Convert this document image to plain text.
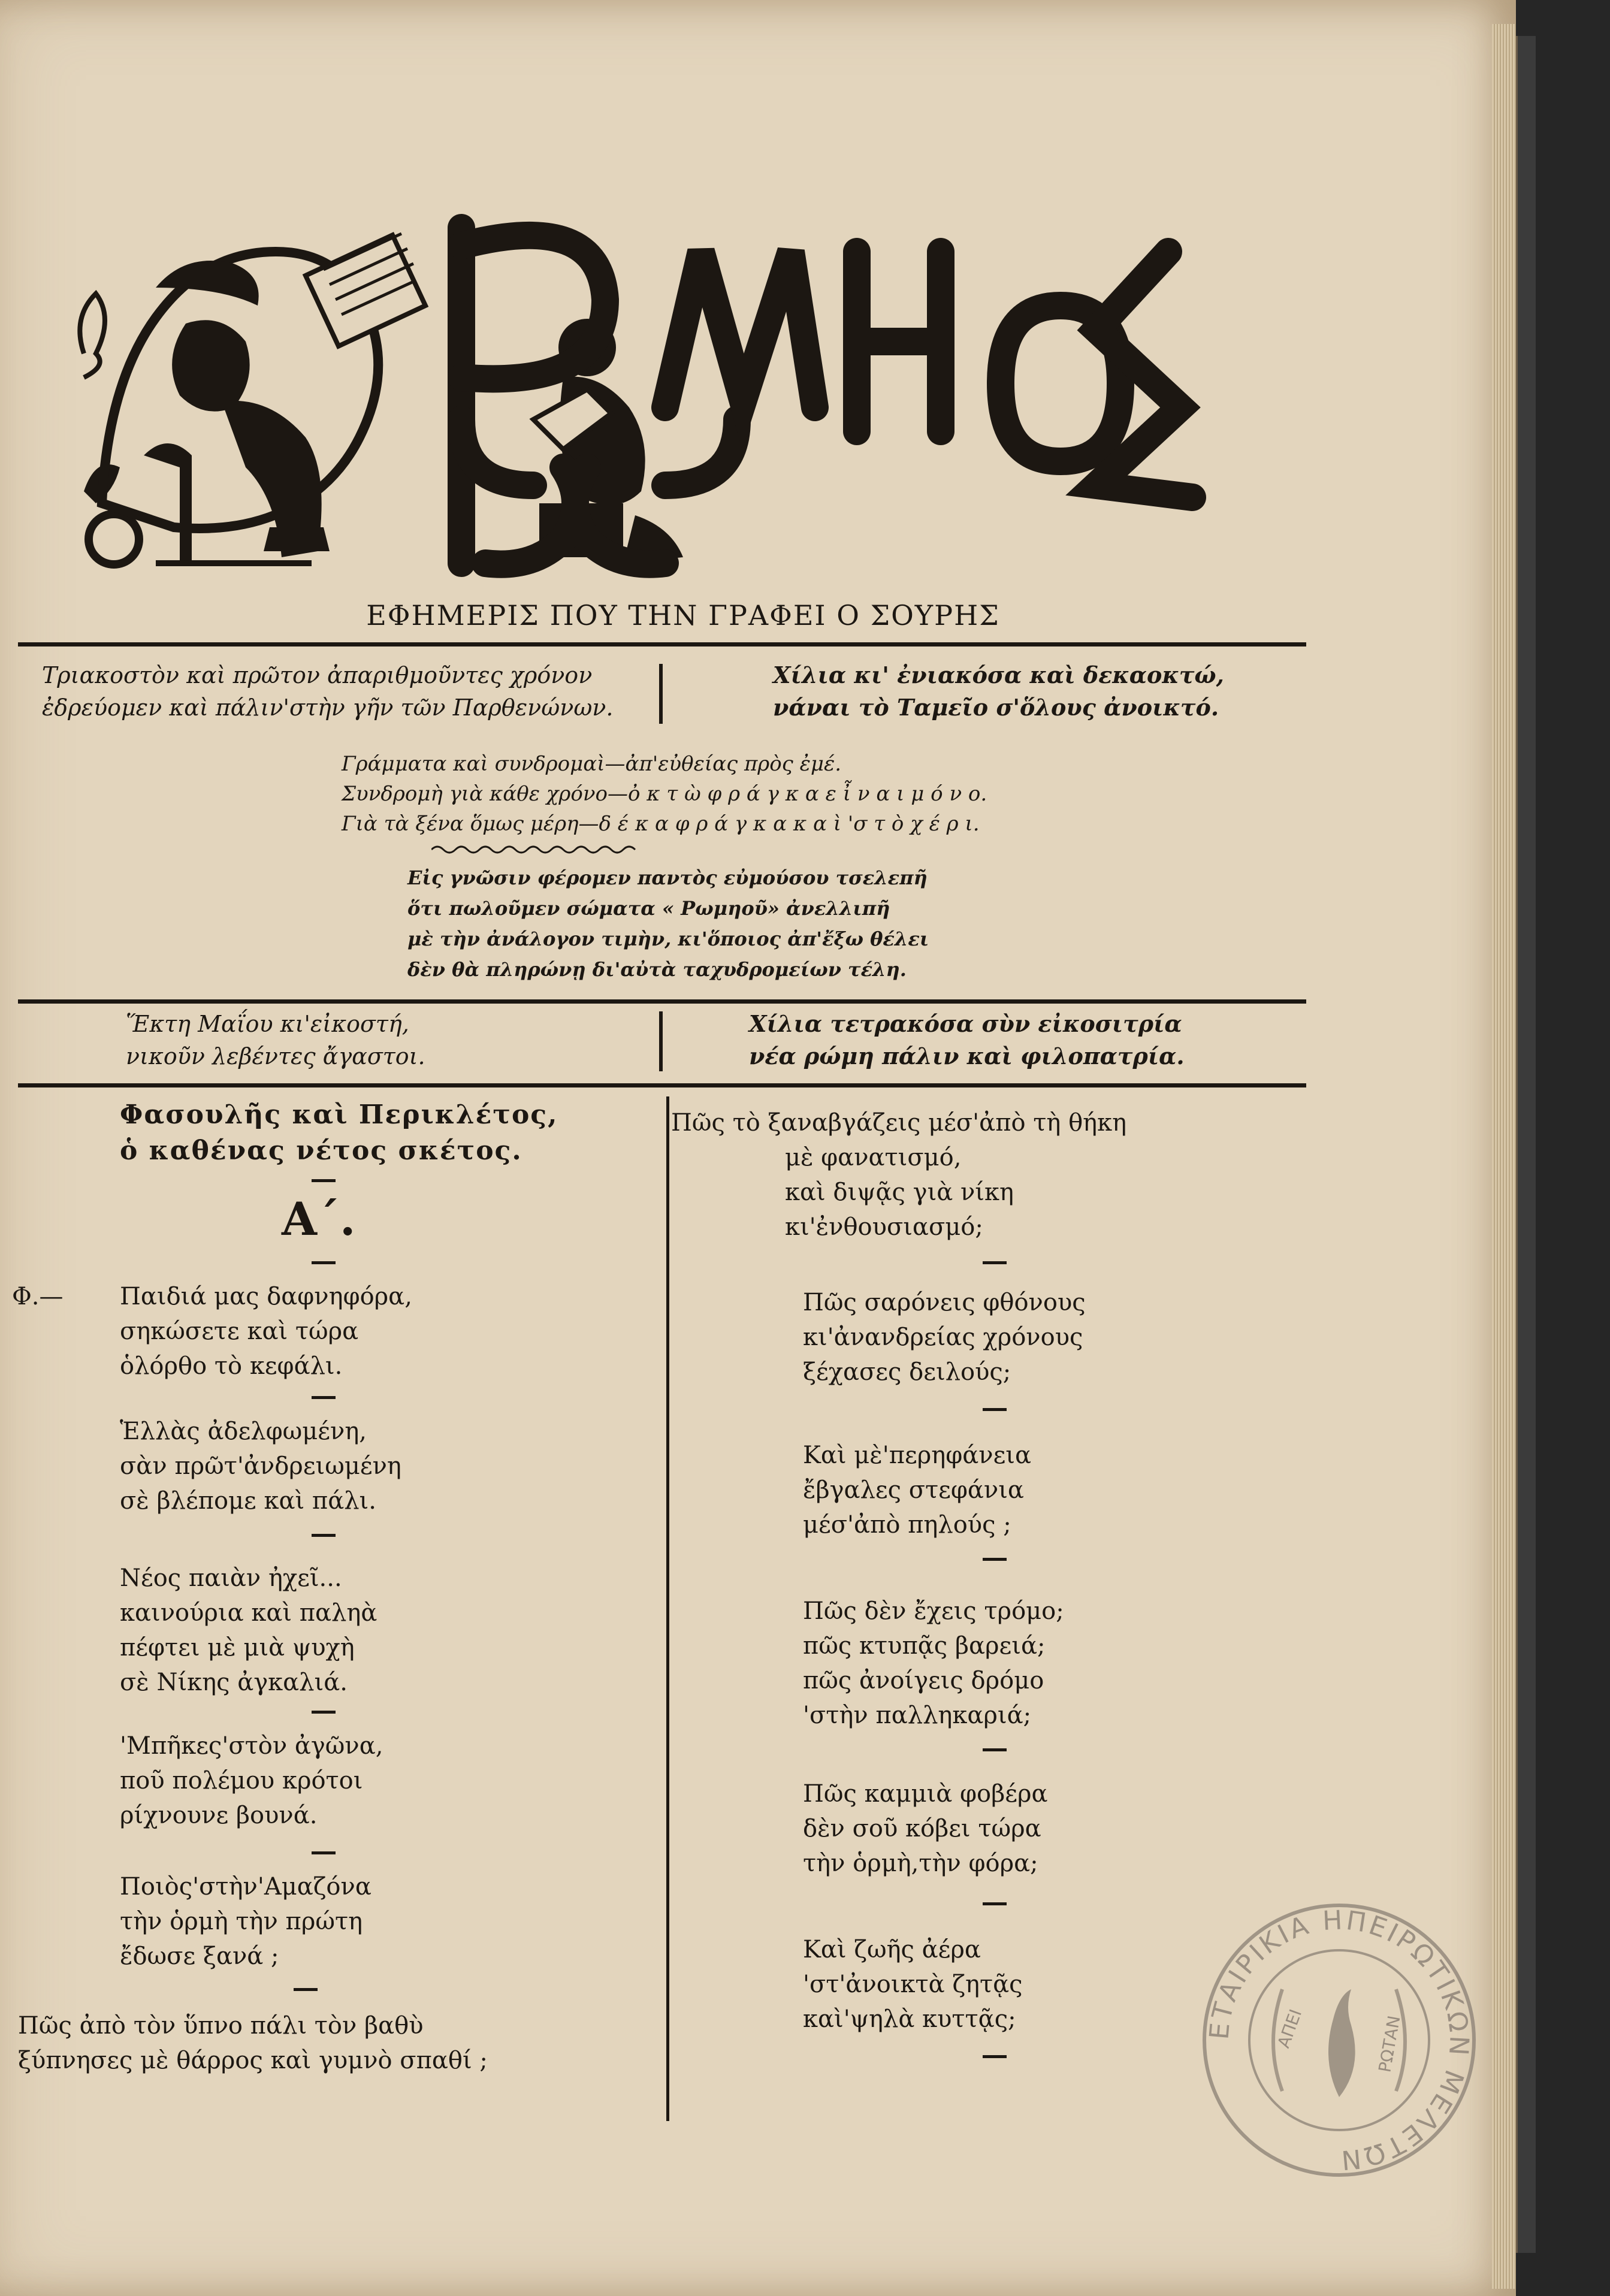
ΕΦΗΜΕΡΙΣ ΠΟΥ ΤΗΝ ΓΡΑΦΕΙ Ο ΣΟΥΡΗΣ
Τριακοστὸν καὶ πρῶτον ἀπαριθμοῦντες χρόνον
ἐδρεύομεν καὶ πάλιν'στὴν γῆν τῶν Παρθενώνων.
Χίλια κι' ἐνιακόσα καὶ δεκαοκτώ,
νάναι τὸ Ταμεῖο σ'ὅλους ἀνοικτό.
Γράμματα καὶ συνδρομαὶ—ἀπ'εὐθείας πρὸς ἐμέ.
Συνδρομὴ γιὰ κάθε χρόνο—ὀ κ τ ὼ φ ρ ά γ κ α ε ἶ ν α ι μ ό ν ο.
Γιὰ τὰ ξένα ὅμως μέρη—δ έ κ α φ ρ ά γ κ α κ α ὶ 'σ τ ὸ χ έ ρ ι.
Εἰς γνῶσιν φέρομεν παντὸς εὐμούσου τσελεπῆ
ὅτι πωλοῦμεν σώματα « Ρωμηοῦ» ἀνελλιπῆ
μὲ τὴν ἀνάλογον τιμὴν, κι'ὅποιος ἀπ'ἔξω θέλει
δὲν θὰ πληρώνῃ δι'αὐτὰ ταχυδρομείων τέλη.
Ἕκτη Μαΐου κι'εἰκοστή,
νικοῦν λεβέντες ἄγαστοι.
Χίλια τετρακόσα σὺν εἰκοσιτρία
νέα ρώμη πάλιν καὶ φιλοπατρία.
Φασουλῆς καὶ Περικλέτος,
ὁ καθένας νέτος σκέτος.
Α΄.
Φ.— Παιδιά μας δαφνηφόρα,

σηκώσετε καὶ τώρα

ὁλόρθο τὸ κεφάλι.

Ἑλλὰς ἀδελφωμένη,

σὰν πρῶτ'ἀνδρειωμένη

σὲ βλέπομε καὶ πάλι.

Νέος παιὰν ἠχεῖ...

καινούρια καὶ παληὰ

πέφτει μὲ μιὰ ψυχὴ

σὲ Νίκης ἀγκαλιά.

'Μπῆκες'στὸν ἀγῶνα,

ποῦ πολέμου κρότοι

ρίχνουνε βουνά.

Ποιὸς'στὴν'Αμαζόνα

τὴν ὁρμὴ τὴν πρώτη

ἔδωσε ξανά ;

Πῶς ἀπὸ τὸν ὕπνο πάλι τὸν βαθὺ

ξύπνησες μὲ θάρρος καὶ γυμνὸ σπαθί ;

Πῶς τὸ ξαναβγάζεις μέσ'ἀπὸ τὴ θήκη

μὲ φανατισμό,

καὶ διψᾷς γιὰ νίκη

κι'ἐνθουσιασμό;

Πῶς σαρόνεις φθόνους

κι'ἀνανδρείας χρόνους

ξέχασες δειλούς;

Καὶ μὲ'περηφάνεια

ἔβγαλες στεφάνια

μέσ'ἀπὸ πηλούς ;

Πῶς δὲν ἔχεις τρόμο;

πῶς κτυπᾷς βαρειά;

πῶς ἀνοίγεις δρόμο

'στὴν παλληκαριά;

Πῶς καμμιὰ φοβέρα

δὲν σοῦ κόβει τώρα

τὴν ὁρμὴ,τὴν φόρα;

Καὶ ζωῆς ἀέρα

'στ'ἀνοικτὰ ζητᾷς

καὶ'ψηλὰ κυττᾷς;	ΕΤΑΙΡΙΚΙΑ ΗΠΕΙΡΩΤΙΚΩΝ ΜΕΛΕΤΩΝ
ΑΠΕΙ	ΡΩΤΑΝ
